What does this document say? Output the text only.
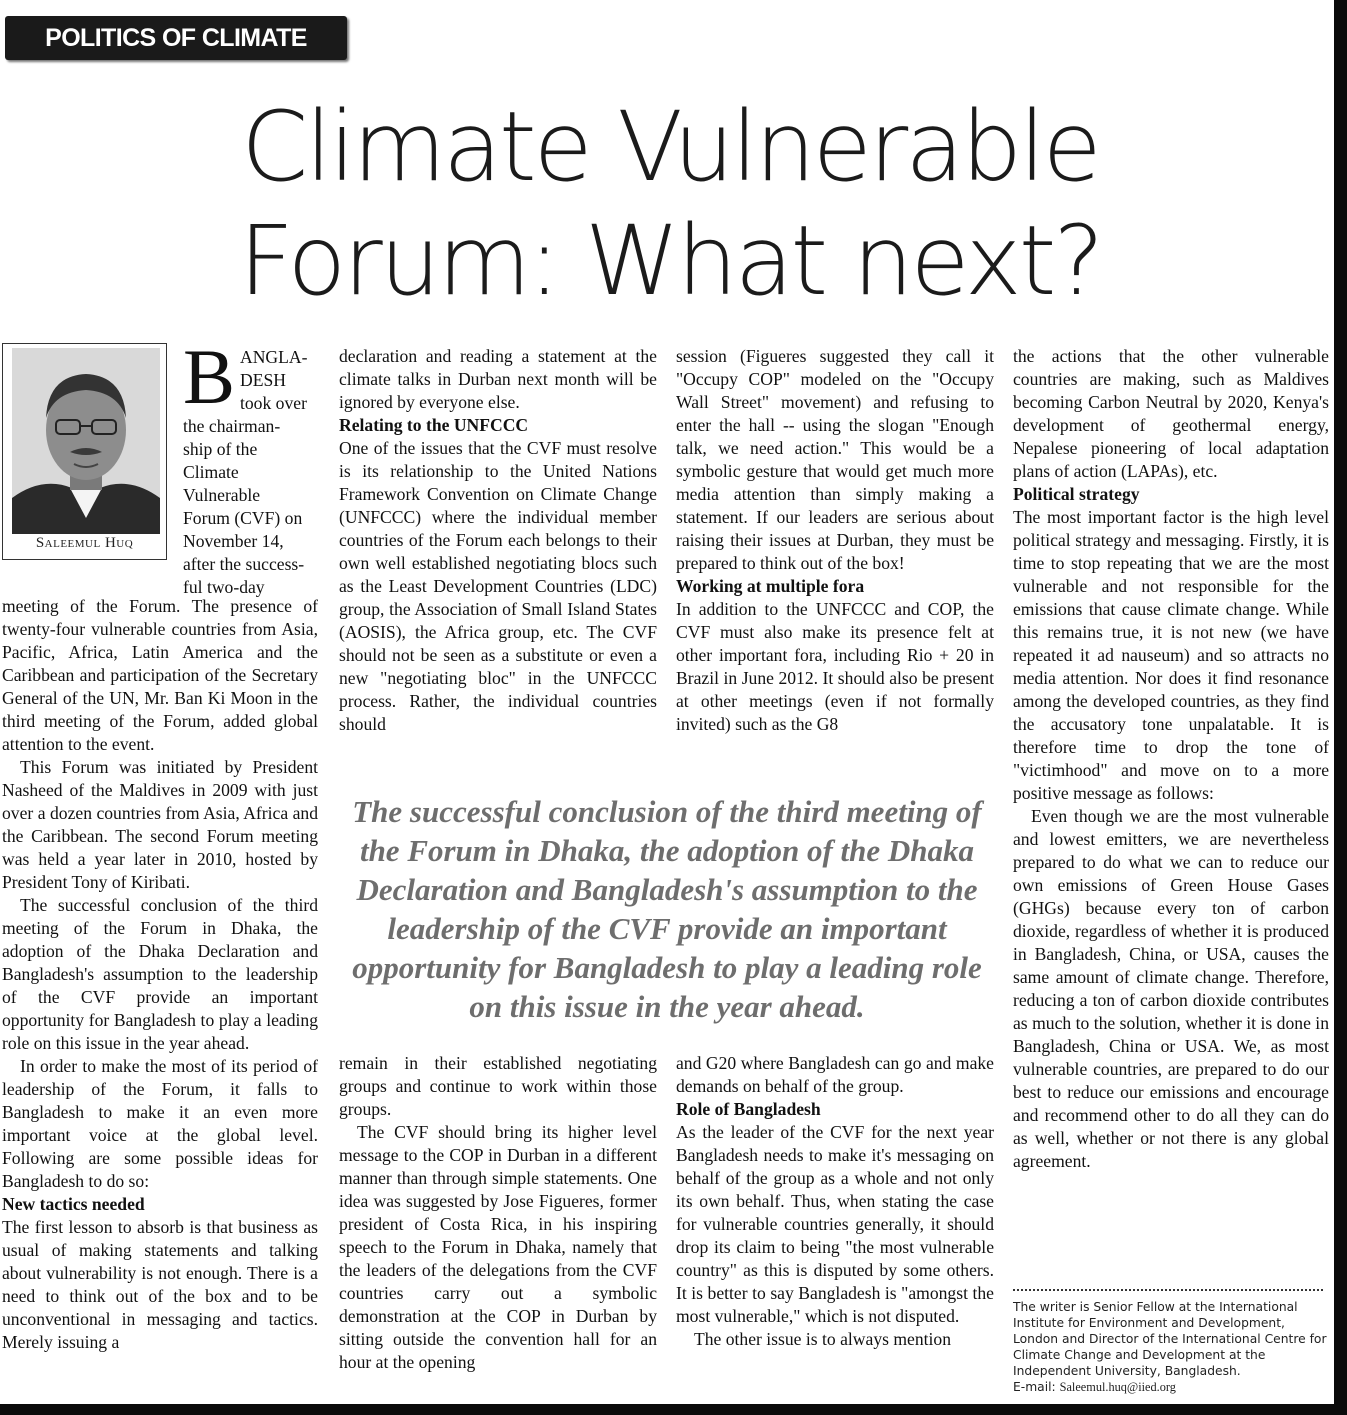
POLITICS OF CLIMATE CHANGE
Climate Vulnerable
Forum: What next?
Saleemul Huq
B ANGLA-
DESH
took over
the chairman-
ship of the
Climate
Vulnerable
Forum (CVF) on
November 14,
after the success-
ful two-day

meeting of the Forum. The presence of twenty-four vulnerable countries from Asia, Pacific, Africa, Latin America and the Caribbean and participation of the Secretary General of the UN, Mr. Ban Ki Moon in the third meeting of the Forum, added global attention to the event.

This Forum was initiated by President Nasheed of the Maldives in 2009 with just over a dozen countries from Asia, Africa and the Caribbean. The second Forum meeting was held a year later in 2010, hosted by President Tony of Kiribati.

The successful conclusion of the third meeting of the Forum in Dhaka, the adoption of the Dhaka Declaration and Bangladesh's assumption to the leadership of the CVF provide an important opportunity for Bangladesh to play a leading role on this issue in the year ahead.

In order to make the most of its period of leadership of the Forum, it falls to Bangladesh to make it an even more important voice at the global level. Following are some possible ideas for Bangladesh to do so:

New tactics needed

The first lesson to absorb is that business as usual of making statements and talking about vulnerability is not enough. There is a need to think out of the box and to be unconventional in messaging and tactics. Merely issuing a

declaration and reading a statement at the climate talks in Durban next month will be ignored by everyone else.

Relating to the UNFCCC

One of the issues that the CVF must resolve is its relationship to the United Nations Framework Convention on Climate Change (UNFCCC) where the individual member countries of the Forum each belongs to their own well established negotiating blocs such as the Least Development Countries (LDC) group, the Association of Small Island States (AOSIS), the Africa group, etc. The CVF should not be seen as a substitute or even a new "negotiating bloc" in the UNFCCC process. Rather, the individual countries should

session (Figueres suggested they call it "Occupy COP" modeled on the "Occupy Wall Street" movement) and refusing to enter the hall -- using the slogan "Enough talk, we need action." This would be a symbolic gesture that would get much more media attention than simply making a statement. If our leaders are serious about raising their issues at Durban, they must be prepared to think out of the box!

Working at multiple fora

In addition to the UNFCCC and COP, the CVF must also make its presence felt at other important fora, including Rio + 20 in Brazil in June 2012. It should also be present at other meetings (even if not formally invited) such as the G8

The successful conclusion of the third meeting of the Forum in Dhaka, the adoption of the Dhaka Declaration and Bangladesh's assumption to the leadership of the CVF provide an important opportunity for Bangladesh to play a leading role on this issue in the year ahead.

remain in their established negotiating groups and continue to work within those groups.

The CVF should bring its higher level message to the COP in Durban in a different manner than through simple statements. One idea was suggested by Jose Figueres, former president of Costa Rica, in his inspiring speech to the Forum in Dhaka, namely that the leaders of the delegations from the CVF countries carry out a symbolic demonstration at the COP in Durban by sitting outside the convention hall for an hour at the opening

and G20 where Bangladesh can go and make demands on behalf of the group.

Role of Bangladesh

As the leader of the CVF for the next year Bangladesh needs to make it's messaging on behalf of the group as a whole and not only its own behalf. Thus, when stating the case for vulnerable countries generally, it should drop its claim to being "the most vulnerable country" as this is disputed by some others. It is better to say Bangladesh is "amongst the most vulnerable," which is not disputed.

The other issue is to always mention

the actions that the other vulnerable countries are making, such as Maldives becoming Carbon Neutral by 2020, Kenya's development of geothermal energy, Nepalese pioneering of local adaptation plans of action (LAPAs), etc.

Political strategy

The most important factor is the high level political strategy and messaging. Firstly, it is time to stop repeating that we are the most vulnerable and not responsible for the emissions that cause climate change. While this remains true, it is not new (we have repeated it ad nauseum) and so attracts no media attention. Nor does it find resonance among the developed countries, as they find the accusatory tone unpalatable. It is therefore time to drop the tone of "victimhood" and move on to a more positive message as follows:

Even though we are the most vulnerable and lowest emitters, we are nevertheless prepared to do what we can to reduce our own emissions of Green House Gases (GHGs) because every ton of carbon dioxide, regardless of whether it is produced in Bangladesh, China, or USA, causes the same amount of climate change. Therefore, reducing a ton of carbon dioxide contributes as much to the solution, whether it is done in Bangladesh, China or USA. We, as most vulnerable countries, are prepared to do our best to reduce our emissions and encourage and recommend other to do all they can do as well, whether or not there is any global agreement.

The writer is Senior Fellow at the International Institute for Environment and Development, London and Director of the International Centre for Climate Change and Development at the Independent University, Bangladesh.
E-mail: Saleemul.huq@iied.org
